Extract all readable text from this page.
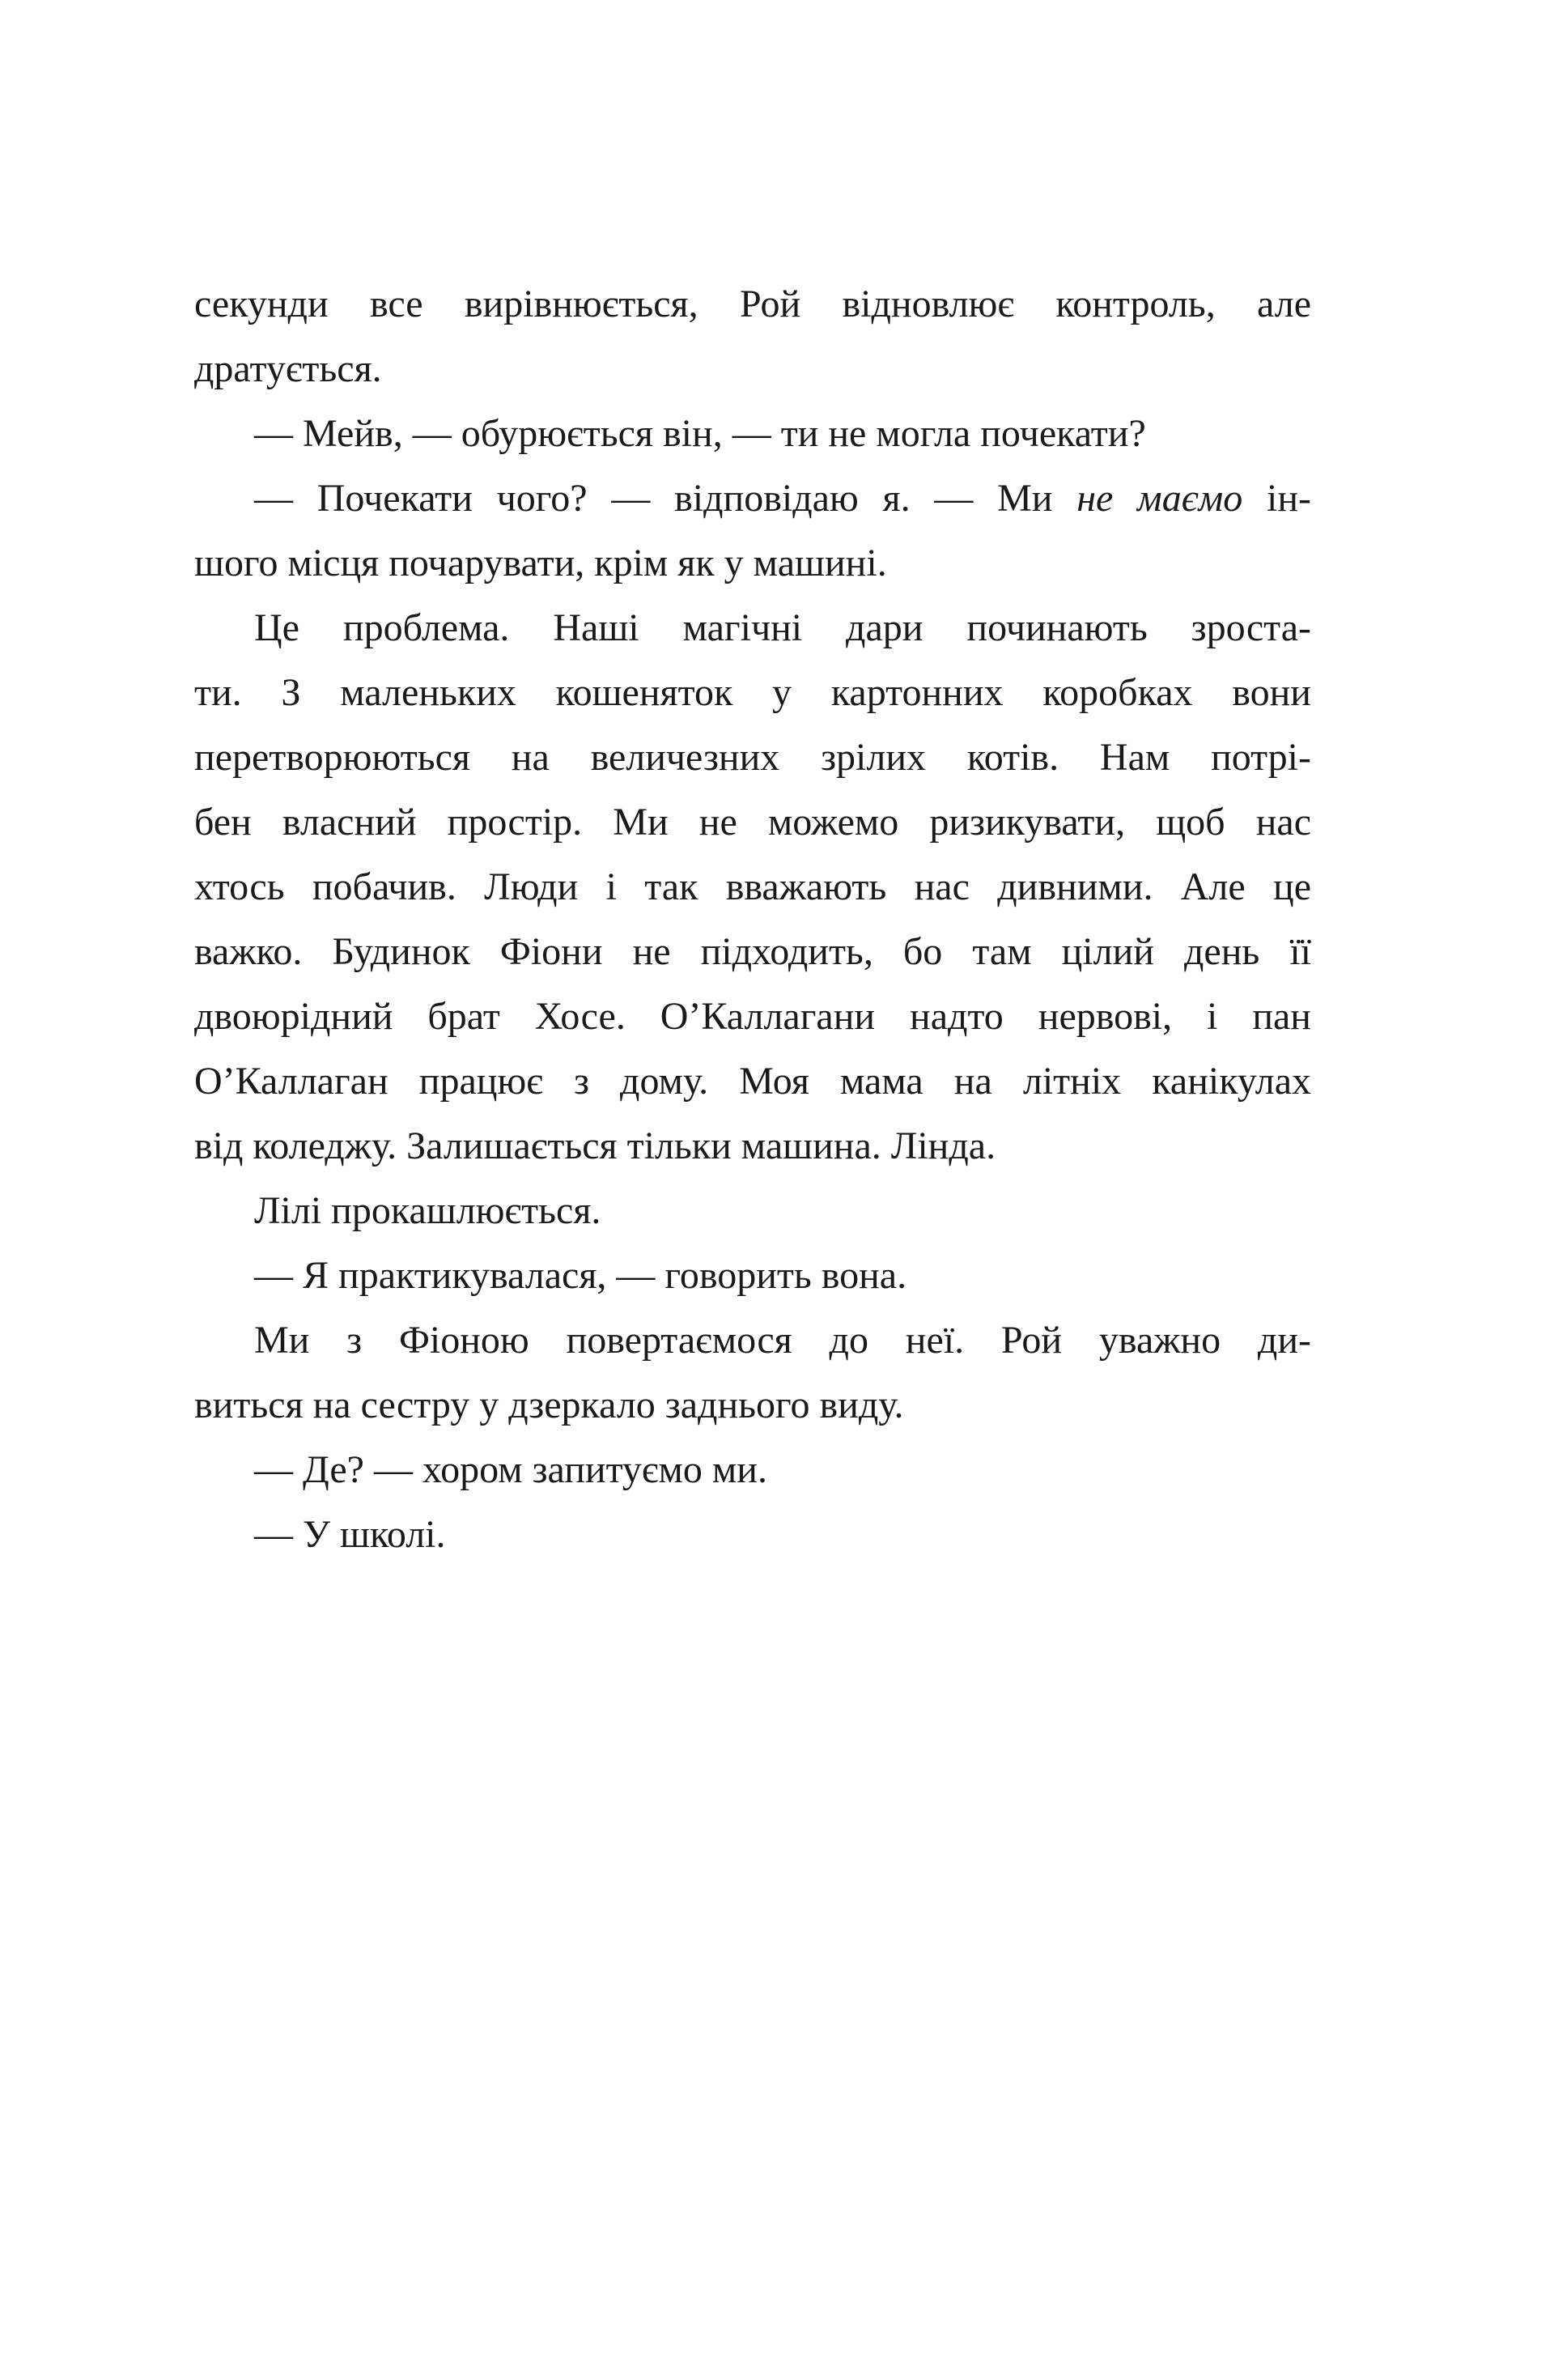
секунди все вирівнюється, Рой відновлює контроль, але
дратується.
— Мейв, — обурюється він, — ти не могла почекати?
— Почекати чого? — відповідаю я. — Ми не маємо ін-
шого місця почарувати, крім як у машині.
Це проблема. Наші магічні дари починають зроста-
ти. З маленьких кошеняток у картонних коробках вони
перетворюються на величезних зрілих котів. Нам потрі-
бен власний простір. Ми не можемо ризикувати, щоб нас
хтось побачив. Люди і так вважають нас дивними. Але це
важко. Будинок Фіони не підходить, бо там цілий день її
двоюрідний брат Хосе. О’Каллагани надто нервові, і пан
О’Каллаган працює з дому. Моя мама на літніх канікулах
від коледжу. Залишається тільки машина. Лінда.
Лілі прокашлюється.
— Я практикувалася, — говорить вона.
Ми з Фіоною повертаємося до неї. Рой уважно ди-
виться на сестру у дзеркало заднього виду.
— Де? — хором запитуємо ми.
— У школі.
